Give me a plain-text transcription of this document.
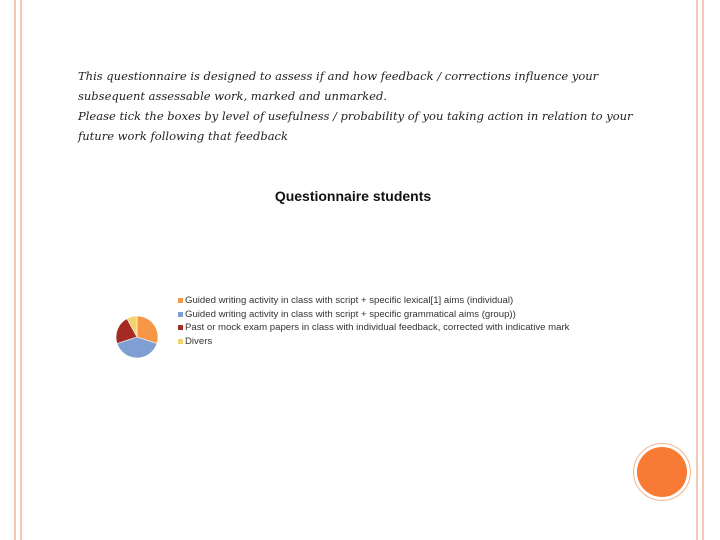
This questionnaire is designed to assess if and how feedback / corrections influence your subsequent assessable work, marked and unmarked.

Please tick the boxes by level of usefulness / probability of you taking action in relation to your future work following that feedback

Questionnaire students
Guided writing activity in class with script + specific lexical[1] aims (individual)
Guided writing activity in class with script + specific grammatical aims (group))
Past or mock exam papers in class with individual feedback, corrected with indicative mark
Divers
